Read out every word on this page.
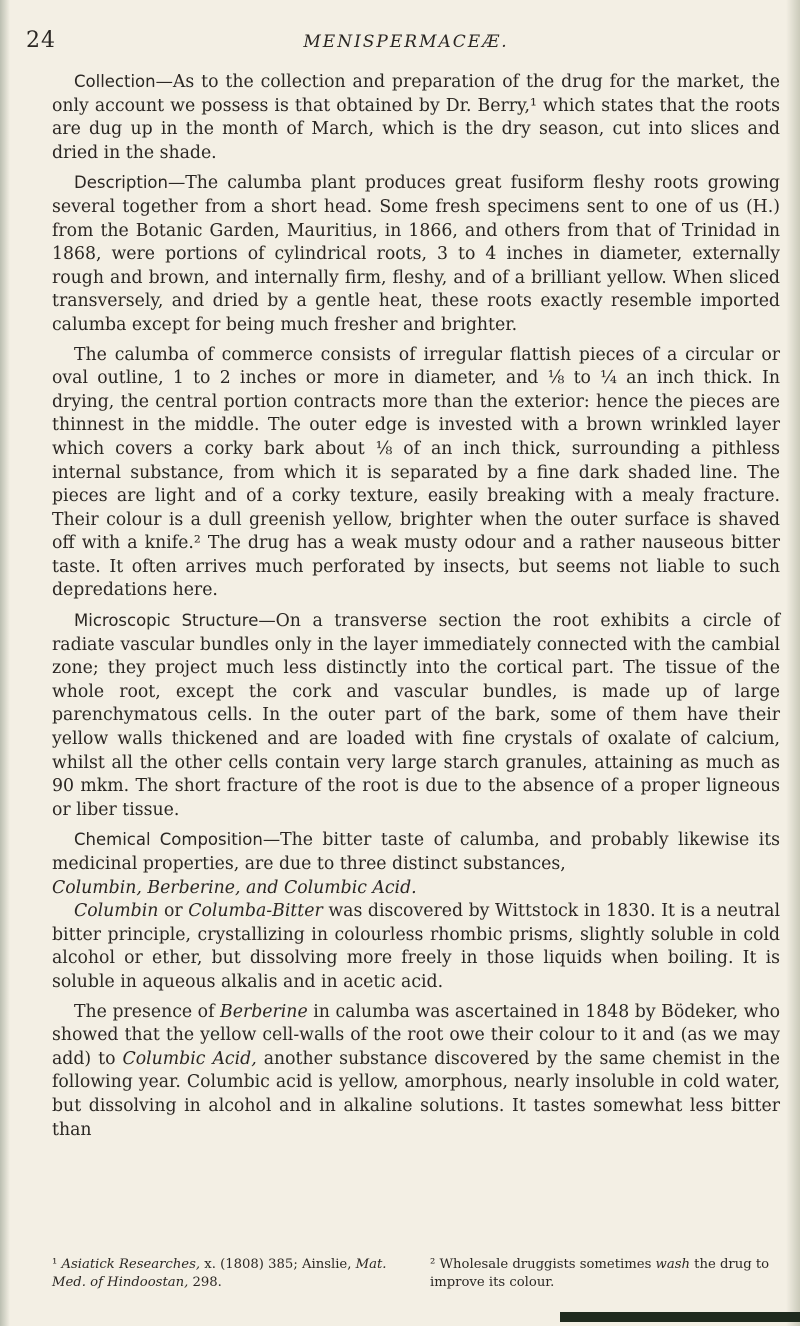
24	MENISPERMACEÆ.

Collection—As to the collection and preparation of the drug for the market, the only account we possess is that obtained by Dr. Berry,¹ which states that the roots are dug up in the month of March, which is the dry season, cut into slices and dried in the shade.

Description—The calumba plant produces great fusiform fleshy roots growing several together from a short head. Some fresh specimens sent to one of us (H.) from the Botanic Garden, Mauritius, in 1866, and others from that of Trinidad in 1868, were portions of cylindrical roots, 3 to 4 inches in diameter, externally rough and brown, and internally firm, fleshy, and of a brilliant yellow. When sliced transversely, and dried by a gentle heat, these roots exactly resemble imported calumba except for being much fresher and brighter.

The calumba of commerce consists of irregular flattish pieces of a circular or oval outline, 1 to 2 inches or more in diameter, and ⅛ to ¼ an inch thick. In drying, the central portion contracts more than the exterior: hence the pieces are thinnest in the middle. The outer edge is invested with a brown wrinkled layer which covers a corky bark about ⅛ of an inch thick, surrounding a pithless internal substance, from which it is separated by a fine dark shaded line. The pieces are light and of a corky texture, easily breaking with a mealy fracture. Their colour is a dull greenish yellow, brighter when the outer surface is shaved off with a knife.² The drug has a weak musty odour and a rather nauseous bitter taste. It often arrives much perforated by insects, but seems not liable to such depredations here.

Microscopic Structure—On a transverse section the root exhibits a circle of radiate vascular bundles only in the layer immediately connected with the cambial zone; they project much less distinctly into the cortical part. The tissue of the whole root, except the cork and vascular bundles, is made up of large parenchymatous cells. In the outer part of the bark, some of them have their yellow walls thickened and are loaded with fine crystals of oxalate of calcium, whilst all the other cells contain very large starch granules, attaining as much as 90 mkm. The short fracture of the root is due to the absence of a proper ligneous or liber tissue.

Chemical Composition—The bitter taste of calumba, and probably likewise its medicinal properties, are due to three distinct substances,

Columbin, Berberine, and Columbic Acid.

Columbin or Columba-Bitter was discovered by Wittstock in 1830. It is a neutral bitter principle, crystallizing in colourless rhombic prisms, slightly soluble in cold alcohol or ether, but dissolving more freely in those liquids when boiling. It is soluble in aqueous alkalis and in acetic acid.

The presence of Berberine in calumba was ascertained in 1848 by Bödeker, who showed that the yellow cell-walls of the root owe their colour to it and (as we may add) to Columbic Acid, another substance discovered by the same chemist in the following year. Columbic acid is yellow, amorphous, nearly insoluble in cold water, but dissolving in alcohol and in alkaline solutions. It tastes somewhat less bitter than

¹ Asiatick Researches, x. (1808) 385; Ainslie, Mat. Med. of Hindoostan, 298.
² Wholesale druggists sometimes wash the drug to improve its colour.
